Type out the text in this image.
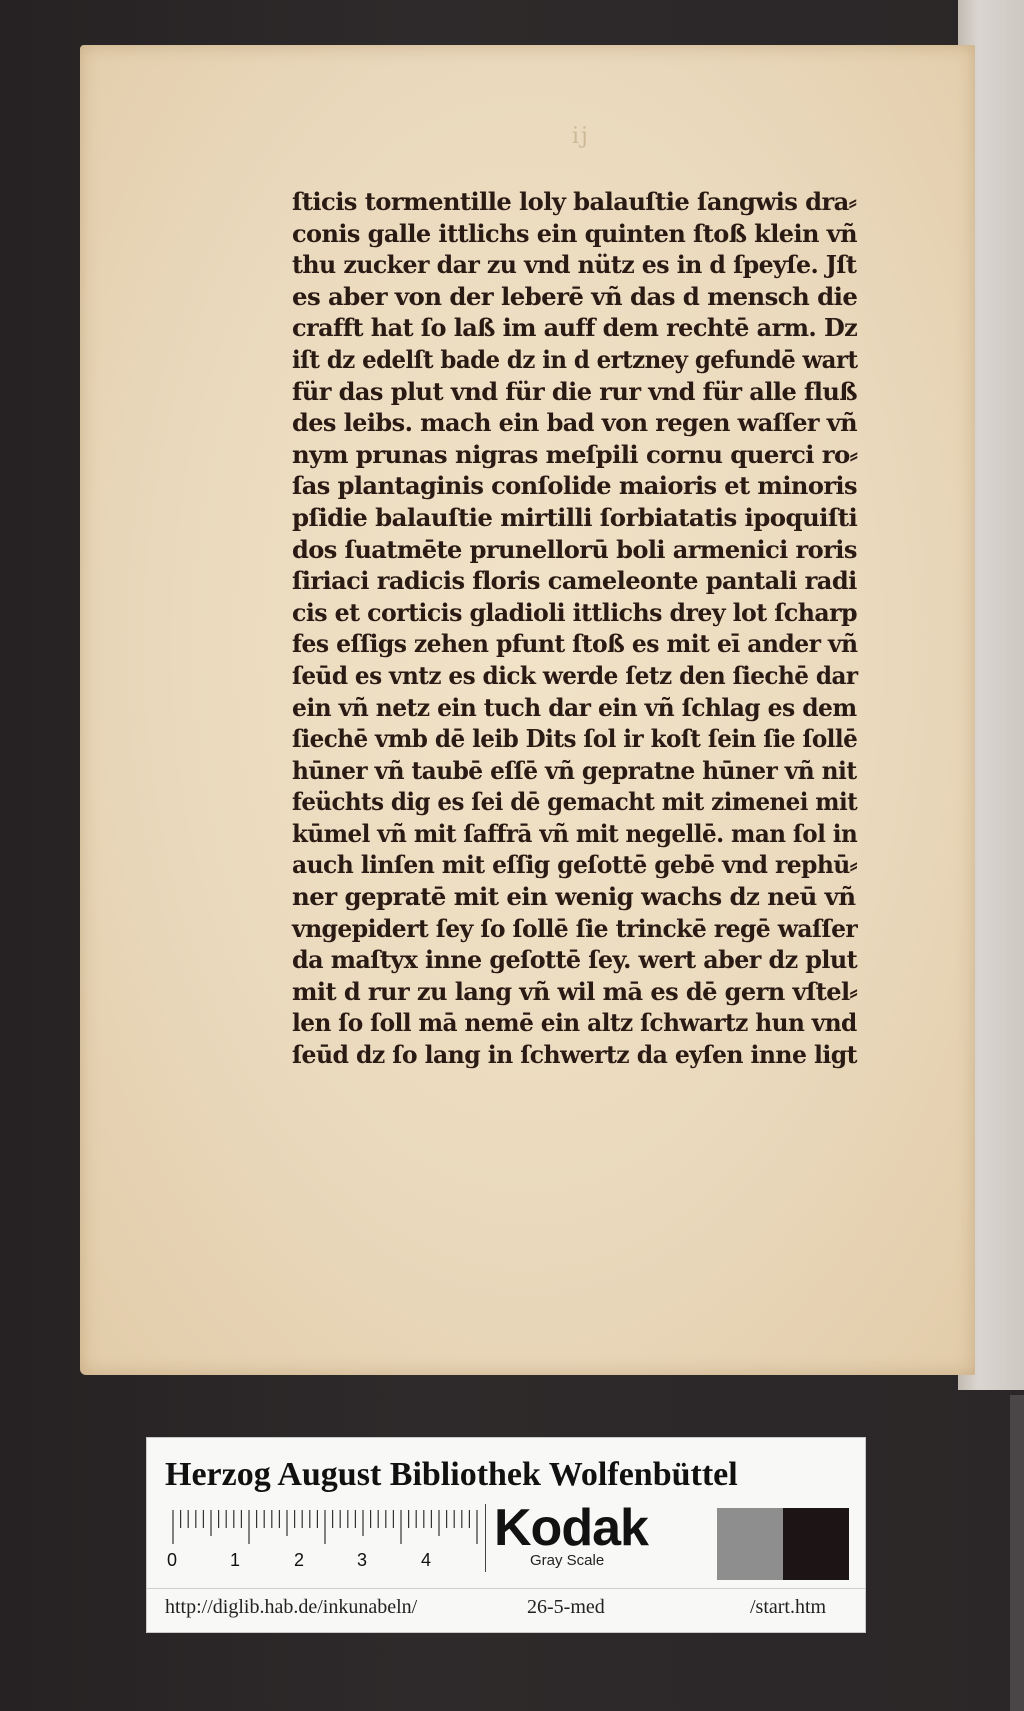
ij
ſticis tormentille loly balauſtie ſangwis dra⸗
conis galle ittlichs ein quinten ſtoß klein vñ
thu zucker dar zu vnd nütz es in d ſpeyſe. Jſt
es aber von der leberē vñ das d mensch die
crafft hat ſo laß im auff dem rechtē arm. Dz
iſt dz edelſt bade dz in d ertzney gefundē wart
für das plut vnd für die rur vnd für alle fluß
des leibs. mach ein bad von regen waſſer vñ
nym prunas nigras meſpili cornu querci ro⸗
ſas plantaginis conſolide maioris et minoris
pſidie balauſtie mirtilli ſorbiatatis ipoquiſti
dos ſuatmēte prunellorū boli armenici roris
ſiriaci radicis floris cameleonte pantali radi
cis et corticis gladioli ittlichs drey lot ſcharp
fes eſſigs zehen pfunt ſtoß es mit eī ander vñ
ſeūd es vntz es dick werde ſetz den ſiechē dar
ein vñ netz ein tuch dar ein vñ ſchlag es dem
ſiechē vmb dē leib Dits ſol ir koſt ſein ſie ſollē
hūner vñ taubē eſſē vñ gepratne hūner vñ nit
feüchts dig es ſei dē gemacht mit zimenei mit
kūmel vñ mit ſaffrā vñ mit negellē. man ſol in
auch linſen mit eſſig geſottē gebē vnd rephū⸗
ner gepratē mit ein wenig wachs dz neū vñ
vngepidert ſey ſo ſollē ſie trinckē regē waſſer
da maſtyx inne geſottē ſey. wert aber dz plut
mit d rur zu lang vñ wil mā es dē gern vſtel⸗
len ſo ſoll mā nemē ein altz ſchwartz hun vnd
ſeūd dz ſo lang in ſchwertz da eyſen inne ligt
Herzog August Bibliothek Wolfenbüttel
0	1	2	3	4
Kodak
Gray Scale
http://diglib.hab.de/inkunabeln/	26-5-med	/start.htm
